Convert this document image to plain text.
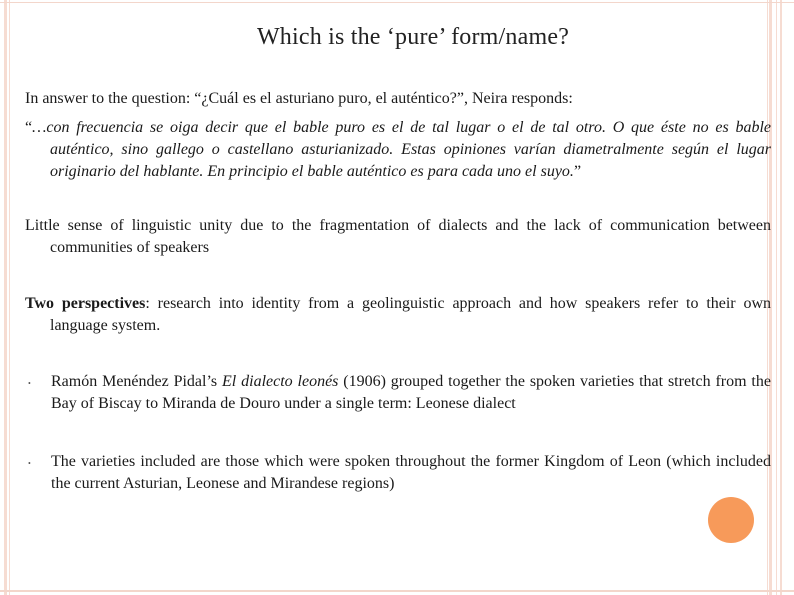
Which is the ‘pure’ form/name?

In answer to the question: “¿Cuál es el asturiano puro, el auténtico?”, Neira responds:

“…con frecuencia se oiga decir que el bable puro es el de tal lugar o el de tal otro. O que éste no es bable auténtico, sino gallego o castellano asturianizado. Estas opiniones varían diametralmente según el lugar originario del hablante. En principio el bable auténtico es para cada uno el suyo.”

Little sense of linguistic unity due to the fragmentation of dialects and the lack of communication between communities of speakers

Two perspectives: research into identity from a geolinguistic approach and how speakers refer to their own language system.

• Ramón Menéndez Pidal’s El dialecto leonés (1906) grouped together the spoken varieties that stretch from the Bay of Biscay to Miranda de Douro under a single term: Leonese dialect
• The varieties included are those which were spoken throughout the former Kingdom of Leon (which included the current Asturian, Leonese and Mirandese regions)
